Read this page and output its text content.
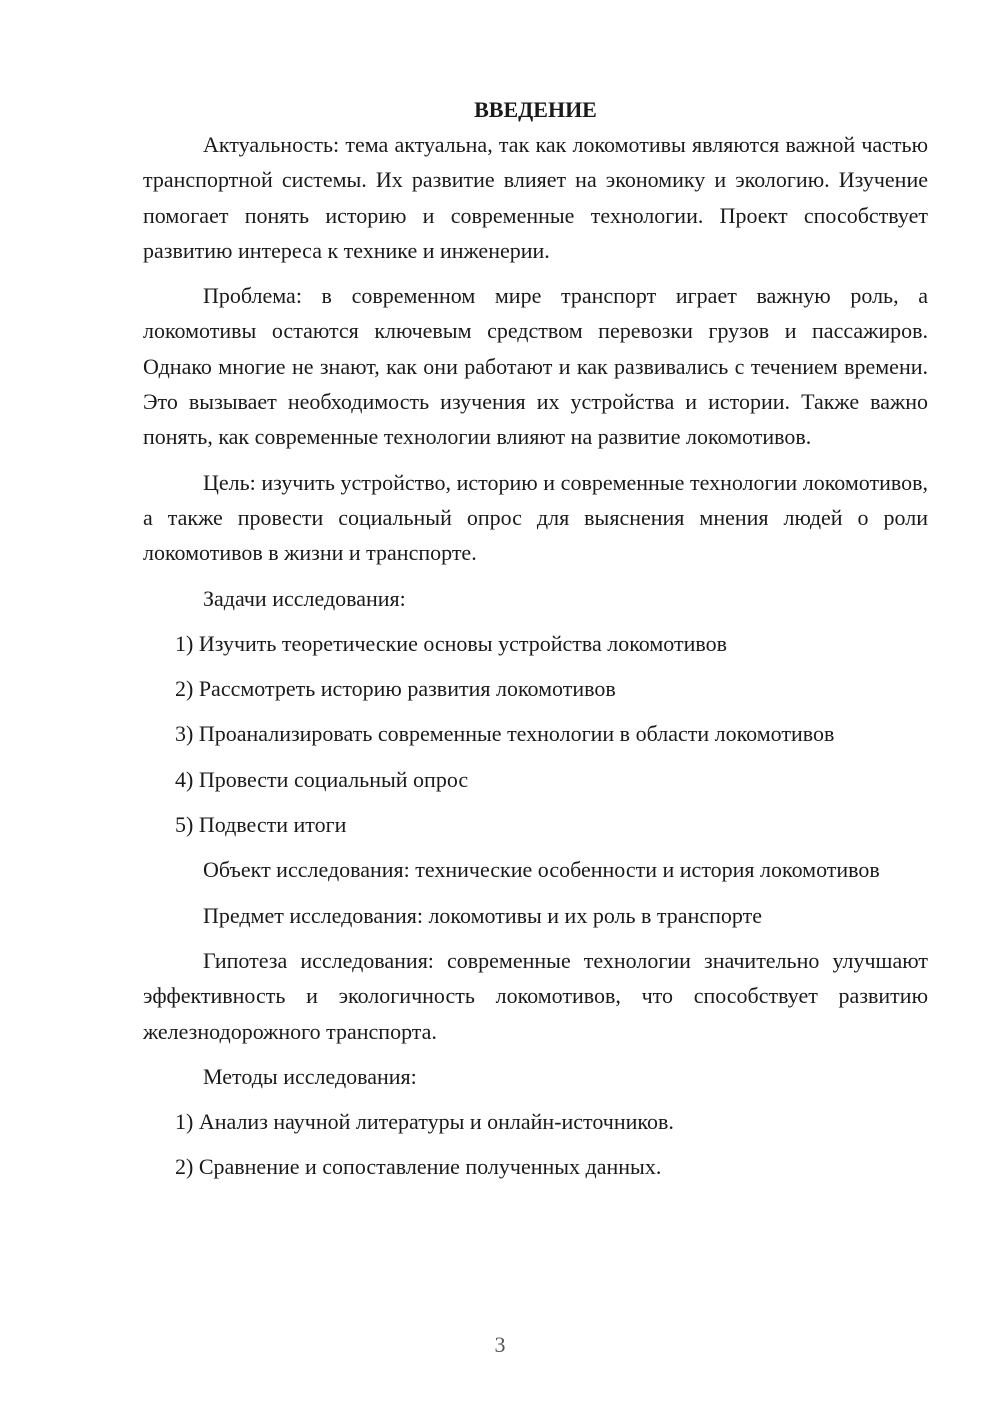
ВВЕДЕНИЕ

Актуальность: тема актуальна, так как локомотивы являются важной частью транспортной системы. Их развитие влияет на экономику и экологию. Изучение помогает понять историю и современные технологии. Проект способствует развитию интереса к технике и инженерии.

Проблема: в современном мире транспорт играет важную роль, а локомотивы остаются ключевым средством перевозки грузов и пассажиров. Однако многие не знают, как они работают и как развивались с течением времени. Это вызывает необходимость изучения их устройства и истории. Также важно понять, как современные технологии влияют на развитие локомотивов.

Цель: изучить устройство, историю и современные технологии локомотивов, а также провести социальный опрос для выяснения мнения людей о роли локомотивов в жизни и транспорте.

Задачи исследования:

1) Изучить теоретические основы устройства локомотивов

2) Рассмотреть историю развития локомотивов

3) Проанализировать современные технологии в области локомотивов

4) Провести социальный опрос

5) Подвести итоги

Объект исследования: технические особенности и история локомотивов

Предмет исследования: локомотивы и их роль в транспорте

Гипотеза исследования: современные технологии значительно улучшают эффективность и экологичность локомотивов, что способствует развитию железнодорожного транспорта.

Методы исследования:

1) Анализ научной литературы и онлайн-источников.

2) Сравнение и сопоставление полученных данных.

3
